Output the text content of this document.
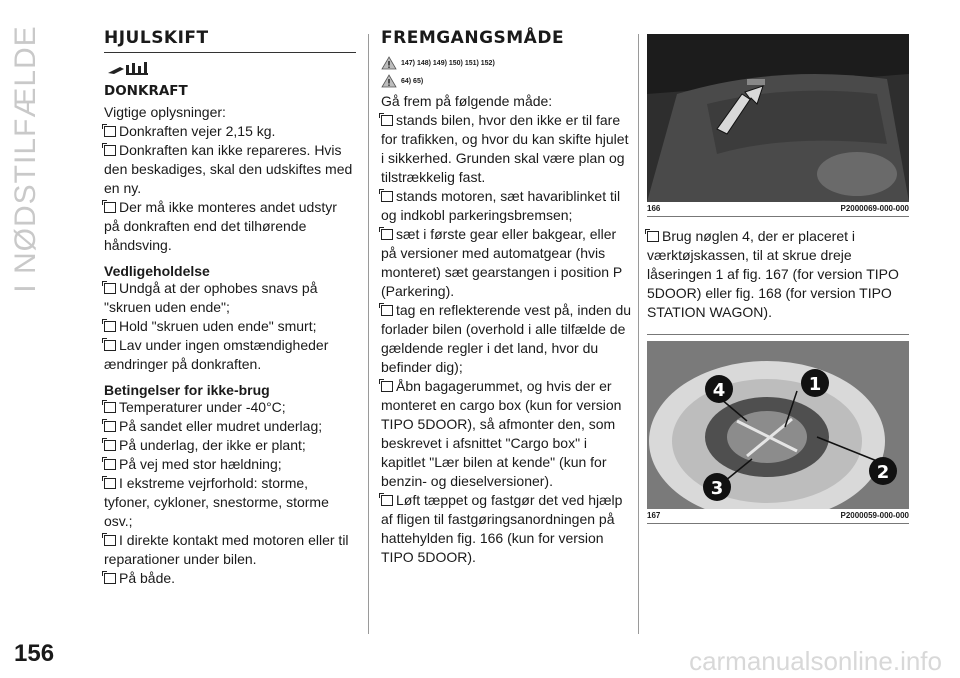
I NØDSTILFÆLDE
156	carmanualsonline.info
HJULSKIFT
DONKRAFT

Vigtige oplysninger:

Donkraften vejer 2,15 kg.

Donkraften kan ikke repareres. Hvis den beskadiges, skal den udskiftes med en ny.

Der må ikke monteres andet udstyr på donkraften end det tilhørende håndsving.

Vedligeholdelse

Undgå at der ophobes snavs på "skruen uden ende";

Hold "skruen uden ende" smurt;

Lav under ingen omstændigheder ændringer på donkraften.

Betingelser for ikke-brug

Temperaturer under -40°C;

På sandet eller mudret underlag;

På underlag, der ikke er plant;

På vej med stor hældning;

I ekstreme vejrforhold: storme, tyfoner, cykloner, snestorme, storme osv.;

I direkte kontakt med motoren eller til reparationer under bilen.

På både.

FREMGANGSMÅDE
147) 148) 149) 150) 151) 152)
64) 65)

Gå frem på følgende måde:

stands bilen, hvor den ikke er til fare for trafikken, og hvor du kan skifte hjulet i sikkerhed. Grunden skal være plan og tilstrækkelig fast.

stands motoren, sæt havariblinket til og indkobl parkeringsbremsen;

sæt i første gear eller bakgear, eller på versioner med automatgear (hvis monteret) sæt gearstangen i position P (Parkering).

tag en reflekterende vest på, inden du forlader bilen (overhold i alle tilfælde de gældende regler i det land, hvor du befinder dig);

Åbn bagagerummet, og hvis der er monteret en cargo box (kun for version TIPO 5DOOR), så afmonter den, som beskrevet i afsnittet "Cargo box" i kapitlet "Lær bilen at kende" (kun for benzin- og dieselversioner).

Løft tæppet og fastgør det ved hjælp af fligen til fastgøringsanordningen på hattehylden fig. 166 (kun for version TIPO 5DOOR).

166	P2000069-000-000

Brug nøglen 4, der er placeret i værktøjskassen, til at skrue dreje låseringen 1 af fig. 167 (for version TIPO 5DOOR) eller fig. 168 (for version TIPO STATION WAGON).

4	1
2
3
167	P2000059-000-000
